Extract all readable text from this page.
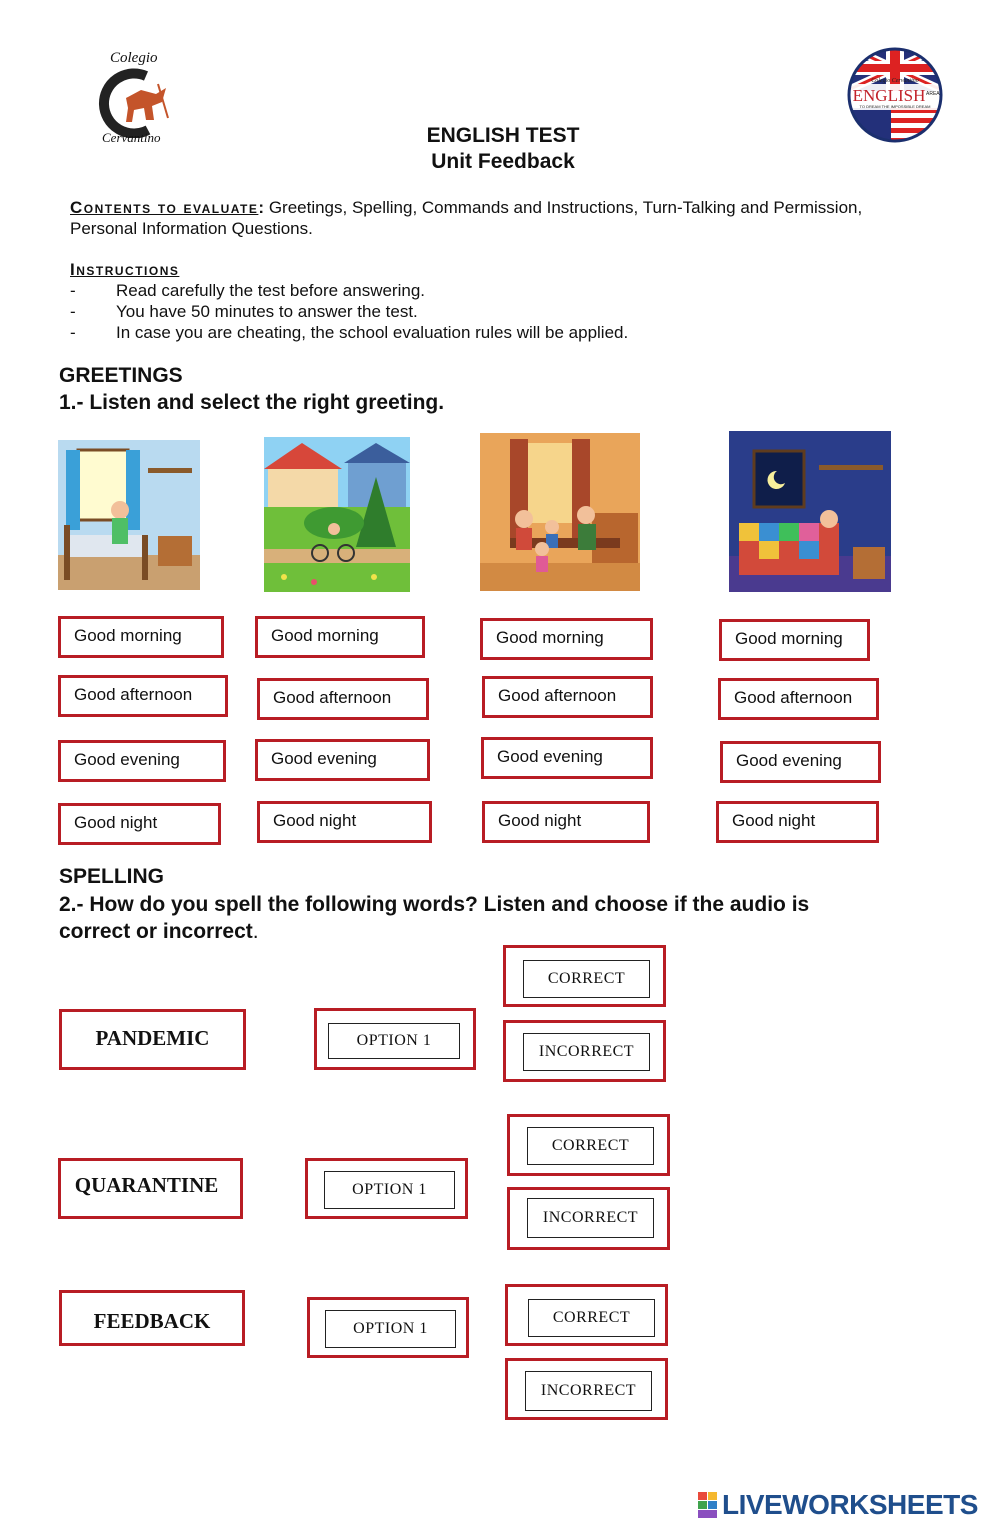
Colegio
Cervantino
Colegio Cervantino
ENGLISH AREA
TO DREAM THE IMPOSSIBLE DREAM
ENGLISH TEST
Unit Feedback
Contents to evaluate: Greetings, Spelling, Commands and Instructions, Turn-Talking and Permission,
Personal Information Questions.
Instructions
- Read carefully the test before answering.
- You have 50 minutes to answer the test.
- In case you are cheating, the school evaluation rules will be applied.
GREETINGS
1.- Listen and select the right greeting.
Good morning
Good afternoon
Good evening
Good night
Good morning
Good afternoon
Good evening
Good night
Good morning
Good afternoon
Good evening
Good night
Good morning
Good afternoon
Good evening
Good night
SPELLING
2.- How do you spell the following words? Listen and choose if the audio is
correct or incorrect.
PANDEMIC	OPTION 1
CORRECT
INCORRECT
QUARANTINE	OPTION 1
CORRECT
INCORRECT
FEEDBACK	OPTION 1
CORRECT
INCORRECT
LIVE LIVEWORKSHEETS
